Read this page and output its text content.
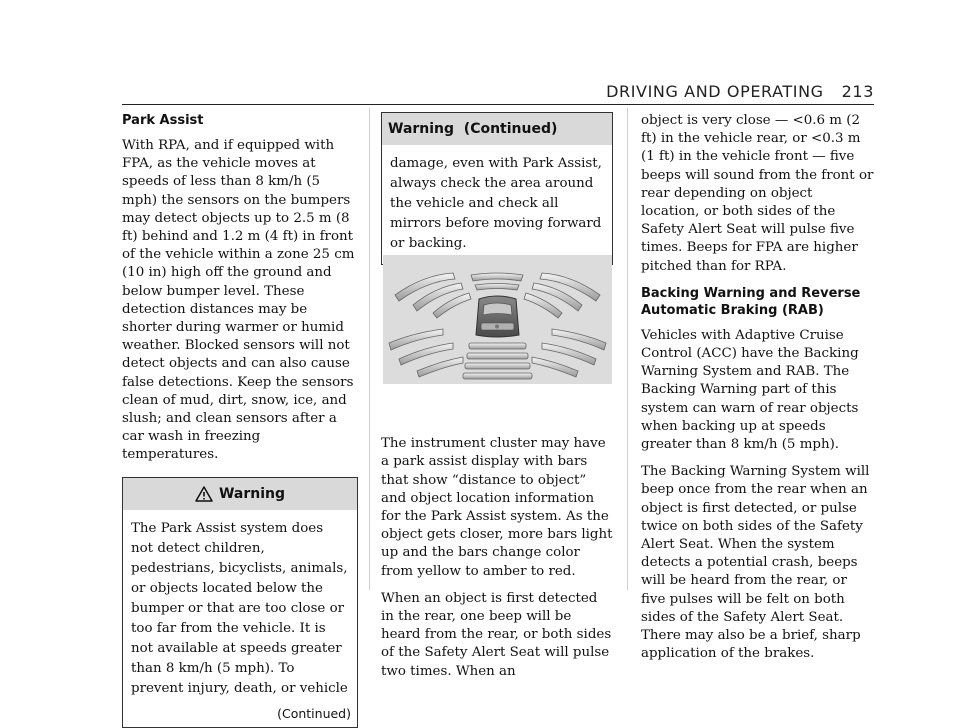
DRIVING AND OPERATING 213
Park Assist

With RPA, and if equipped with FPA, as the vehicle moves at speeds of less than 8 km/h (5 mph) the sensors on the bumpers may detect objects up to 2.5 m (8 ft) behind and 1.2 m (4 ft) in front of the vehicle within a zone 25 cm (10 in) high off the ground and below bumper level. These detection distances may be shorter during warmer or humid weather. Blocked sensors will not detect objects and can also cause false detections. Keep the sensors clean of mud, dirt, snow, ice, and slush; and clean sensors after a car wash in freezing temperatures.

Warning

The Park Assist system does not detect children, pedestrians, bicyclists, animals, or objects located below the bumper or that are too close or too far from the vehicle. It is not available at speeds greater than 8 km/h (5 mph). To prevent injury, death, or vehicle

(Continued)
Warning  (Continued)

damage, even with Park Assist, always check the area around the vehicle and check all mirrors before moving forward or backing.

The instrument cluster may have a park assist display with bars that show “distance to object” and object location information for the Park Assist system. As the object gets closer, more bars light up and the bars change color from yellow to amber to red.

When an object is first detected in the rear, one beep will be heard from the rear, or both sides of the Safety Alert Seat will pulse two times. When an

object is very close — <0.6 m (2 ft) in the vehicle rear, or <0.3 m (1 ft) in the vehicle front — five beeps will sound from the front or rear depending on object location, or both sides of the Safety Alert Seat will pulse five times. Beeps for FPA are higher pitched than for RPA.

Backing Warning and Reverse Automatic Braking (RAB)

Vehicles with Adaptive Cruise Control (ACC) have the Backing Warning System and RAB. The Backing Warning part of this system can warn of rear objects when backing up at speeds greater than 8 km/h (5 mph).

The Backing Warning System will beep once from the rear when an object is first detected, or pulse twice on both sides of the Safety Alert Seat. When the system detects a potential crash, beeps will be heard from the rear, or five pulses will be felt on both sides of the Safety Alert Seat. There may also be a brief, sharp application of the brakes.
